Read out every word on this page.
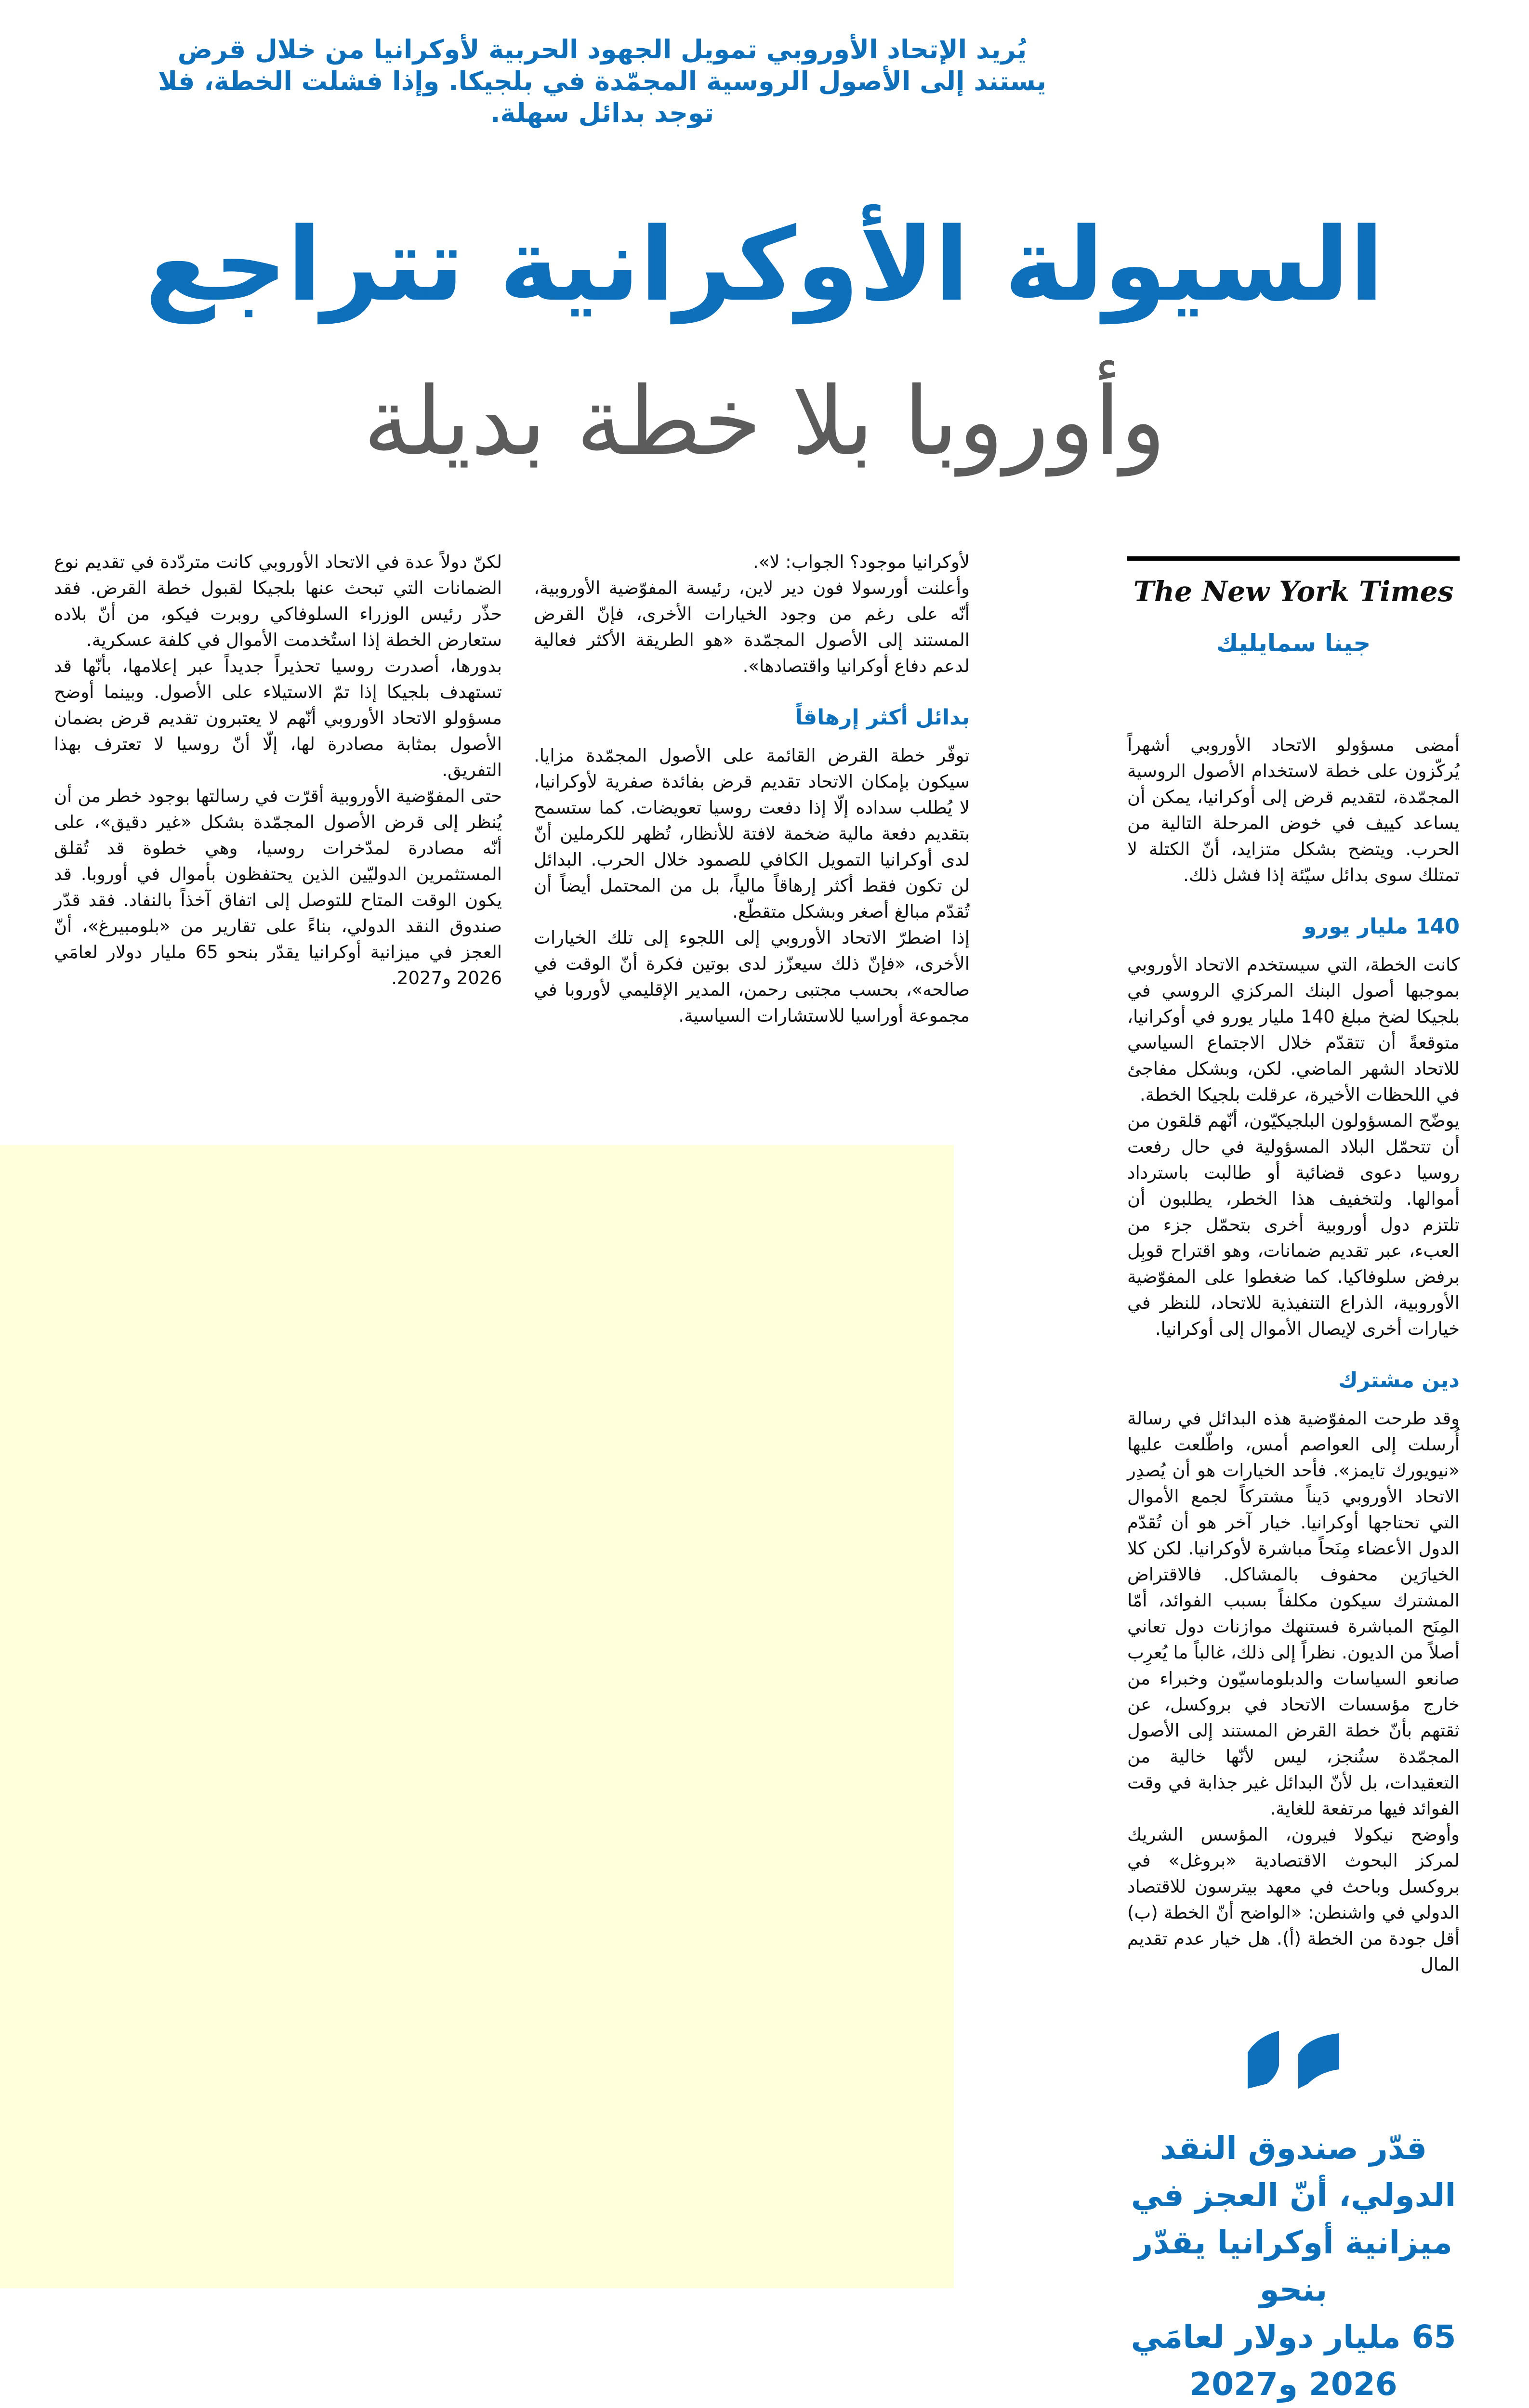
يُريد الإتحاد الأوروبي تمويل الجهود الحربية لأوكرانيا من خلال قرض
يستند إلى الأصول الروسية المجمّدة في بلجيكا. وإذا فشلت الخطة، فلا
توجد بدائل سهلة.
السيولة الأوكرانية تتراجع
وأوروبا بلا خطة بديلة
The New York Times

جينا سمايليك

أمضى مسؤولو الاتحاد الأوروبي أشهراً يُركّزون على خطة لاستخدام الأصول الروسية المجمّدة، لتقديم قرض إلى أوكرانيا، يمكن أن يساعد كييف في خوض المرحلة التالية من الحرب. ويتضح بشكل متزايد، أنّ الكتلة لا تمتلك سوى بدائل سيّئة إذا فشل ذلك.

140 مليار يورو

كانت الخطة، التي سيستخدم الاتحاد الأوروبي بموجبها أصول البنك المركزي الروسي في بلجيكا لضخ مبلغ 140 مليار يورو في أوكرانيا، متوقعةً أن تتقدّم خلال الاجتماع السياسي للاتحاد الشهر الماضي. لكن، وبشكل مفاجئ في اللحظات الأخيرة، عرقلت بلجيكا الخطة.

يوضّح المسؤولون البلجيكيّون، أنّهم قلقون من أن تتحمّل البلاد المسؤولية في حال رفعت روسيا دعوى قضائية أو طالبت باسترداد أموالها. ولتخفيف هذا الخطر، يطلبون أن تلتزم دول أوروبية أخرى بتحمّل جزء من العبء، عبر تقديم ضمانات، وهو اقتراح قوبِل برفض سلوفاكيا. كما ضغطوا على المفوّضية الأوروبية، الذراع التنفيذية للاتحاد، للنظر في خيارات أخرى لإيصال الأموال إلى أوكرانيا.

دين مشترك

وقد طرحت المفوّضية هذه البدائل في رسالة أُرسلت إلى العواصم أمس، واطّلعت عليها «نيويورك تايمز». فأحد الخيارات هو أن يُصدِر الاتحاد الأوروبي دَيناً مشتركاً لجمع الأموال التي تحتاجها أوكرانيا. خيار آخر هو أن تُقدّم الدول الأعضاء مِنَحاً مباشرة لأوكرانيا. لكن كلا الخيارَين محفوف بالمشاكل. فالاقتراض المشترك سيكون مكلفاً بسبب الفوائد، أمّا المِنَح المباشرة فستنهك موازنات دول تعاني أصلاً من الديون. نظراً إلى ذلك، غالباً ما يُعرِب صانعو السياسات والدبلوماسيّون وخبراء من خارج مؤسسات الاتحاد في بروكسل، عن ثقتهم بأنّ خطة القرض المستند إلى الأصول المجمّدة ستُنجز، ليس لأنّها خالية من التعقيدات، بل لأنّ البدائل غير جذابة في وقت الفوائد فيها مرتفعة للغاية.

وأوضح نيكولا فيرون، المؤسس الشريك لمركز البحوث الاقتصادية «بروغل» في بروكسل وباحث في معهد بيترسون للاقتصاد الدولي في واشنطن: «الواضح أنّ الخطة (ب) أقل جودة من الخطة (أ). هل خيار عدم تقديم المال

قدّر صندوق النقد
الدولي، أنّ العجز في
ميزانية أوكرانيا يقدّر بنحو
65 مليار دولار لعامَي
2026 و2027

لأوكرانيا موجود؟ الجواب: لا».

وأعلنت أورسولا فون دير لاين، رئيسة المفوّضية الأوروبية، أنّه على رغم من وجود الخيارات الأخرى، فإنّ القرض المستند إلى الأصول المجمّدة «هو الطريقة الأكثر فعالية لدعم دفاع أوكرانيا واقتصادها».

بدائل أكثر إرهاقاً

توفّر خطة القرض القائمة على الأصول المجمّدة مزايا. سيكون بإمكان الاتحاد تقديم قرض بفائدة صفرية لأوكرانيا، لا يُطلب سداده إلّا إذا دفعت روسيا تعويضات. كما ستسمح بتقديم دفعة مالية ضخمة لافتة للأنظار، تُظهر للكرملين أنّ لدى أوكرانيا التمويل الكافي للصمود خلال الحرب. البدائل لن تكون فقط أكثر إرهاقاً مالياً، بل من المحتمل أيضاً أن تُقدّم مبالغ أصغر وبشكل متقطّع.

إذا اضطرّ الاتحاد الأوروبي إلى اللجوء إلى تلك الخيارات الأخرى، «فإنّ ذلك سيعزّز لدى بوتين فكرة أنّ الوقت في صالحه»، بحسب مجتبى رحمن، المدير الإقليمي لأوروبا في مجموعة أوراسيا للاستشارات السياسية.

لكنّ دولاً عدة في الاتحاد الأوروبي كانت متردّدة في تقديم نوع الضمانات التي تبحث عنها بلجيكا لقبول خطة القرض. فقد حذّر رئيس الوزراء السلوفاكي روبرت فيكو، من أنّ بلاده ستعارض الخطة إذا استُخدمت الأموال في كلفة عسكرية.

بدورها، أصدرت روسيا تحذيراً جديداً عبر إعلامها، بأنّها قد تستهدف بلجيكا إذا تمّ الاستيلاء على الأصول. وبينما أوضح مسؤولو الاتحاد الأوروبي أنّهم لا يعتبرون تقديم قرض بضمان الأصول بمثابة مصادرة لها، إلّا أنّ روسيا لا تعترف بهذا التفريق.

حتى المفوّضية الأوروبية أقرّت في رسالتها بوجود خطر من أن يُنظر إلى قرض الأصول المجمّدة بشكل «غير دقيق»، على أنّه مصادرة لمدّخرات روسيا، وهي خطوة قد تُقلق المستثمرين الدوليّين الذين يحتفظون بأموال في أوروبا. قد يكون الوقت المتاح للتوصل إلى اتفاق آخذاً بالنفاد. فقد قدّر صندوق النقد الدولي، بناءً على تقارير من «بلومبيرغ»، أنّ العجز في ميزانية أوكرانيا يقدّر بنحو 65 مليار دولار لعامَي 2026 و2027.
